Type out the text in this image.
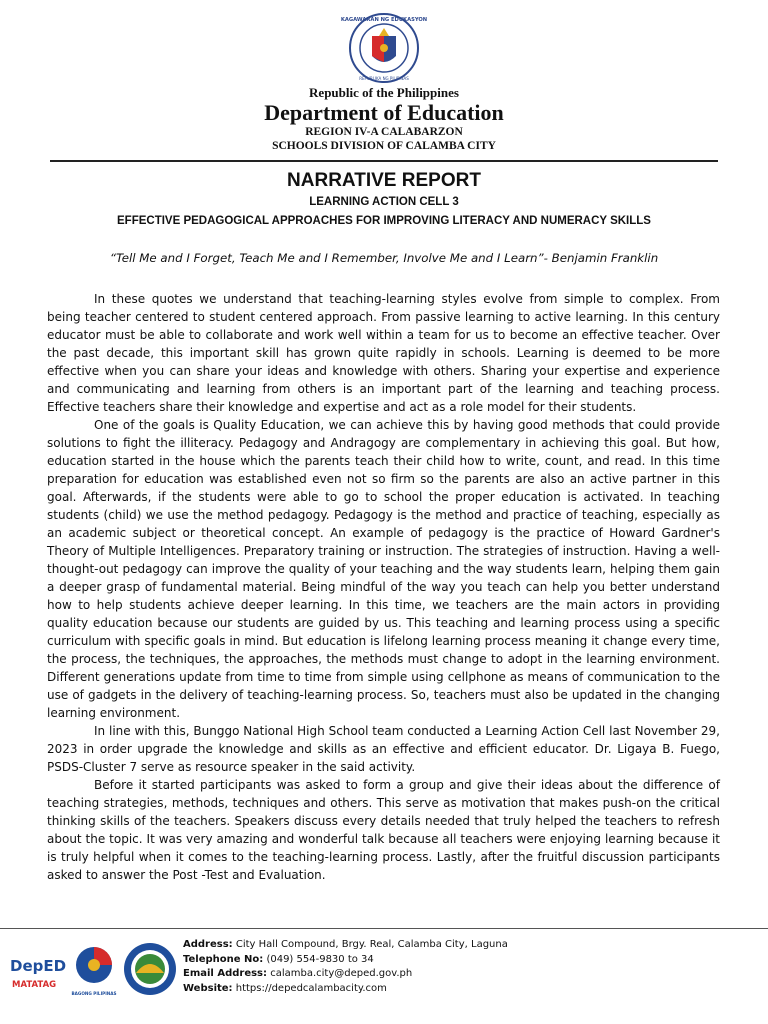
KAGAWARAN NG EDUKASYON
REPUBLIKA NG PILIPINAS
Republic of the Philippines
Department of Education
REGION IV-A CALABARZON
SCHOOLS DIVISION OF CALAMBA CITY
NARRATIVE REPORT
LEARNING ACTION CELL 3
EFFECTIVE PEDAGOGICAL APPROACHES FOR IMPROVING LITERACY AND NUMERACY SKILLS
“Tell Me and I Forget, Teach Me and I Remember, Involve Me and I Learn”- Benjamin Franklin

In these quotes we understand that teaching-learning styles evolve from simple to complex. From being teacher centered to student centered approach. From passive learning to active learning. In this century educator must be able to collaborate and work well within a team for us to become an effective teacher. Over the past decade, this important skill has grown quite rapidly in schools. Learning is deemed to be more effective when you can share your ideas and knowledge with others. Sharing your expertise and experience and communicating and learning from others is an important part of the learning and teaching process. Effective teachers share their knowledge and expertise and act as a role model for their students.

One of the goals is Quality Education, we can achieve this by having good methods that could provide solutions to fight the illiteracy. Pedagogy and Andragogy are complementary in achieving this goal. But how, education started in the house which the parents teach their child how to write, count, and read. In this time preparation for education was established even not so firm so the parents are also an active partner in this goal. Afterwards, if the students were able to go to school the proper education is activated. In teaching students (child) we use the method pedagogy. Pedagogy is the method and practice of teaching, especially as an academic subject or theoretical concept. An example of pedagogy is the practice of Howard Gardner's Theory of Multiple Intelligences. Preparatory training or instruction. The strategies of instruction. Having a well-thought-out pedagogy can improve the quality of your teaching and the way students learn, helping them gain a deeper grasp of fundamental material. Being mindful of the way you teach can help you better understand how to help students achieve deeper learning. In this time, we teachers are the main actors in providing quality education because our students are guided by us. This teaching and learning process using a specific curriculum with specific goals in mind. But education is lifelong learning process meaning it change every time, the process, the techniques, the approaches, the methods must change to adopt in the learning environment. Different generations update from time to time from simple using cellphone as means of communication to the use of gadgets in the delivery of teaching-learning process. So, teachers must also be updated in the changing learning environment.

In line with this, Bunggo National High School team conducted a Learning Action Cell last November 29, 2023 in order upgrade the knowledge and skills as an effective and efficient educator. Dr. Ligaya B. Fuego, PSDS-Cluster 7 serve as resource speaker in the said activity.

Before it started participants was asked to form a group and give their ideas about the difference of teaching strategies, methods, techniques and others. This serve as motivation that makes push-on the critical thinking skills of the teachers. Speakers discuss every details needed that truly helped the teachers to refresh about the topic. It was very amazing and wonderful talk because all teachers were enjoying learning because it is truly helpful when it comes to the teaching-learning process. Lastly, after the fruitful discussion participants asked to answer the Post -Test and Evaluation.

DepED
MATATAG
BAGONG PILIPINAS
Address: City Hall Compound, Brgy. Real, Calamba City, Laguna
Telephone No: (049) 554-9830 to 34
Email Address: calamba.city@deped.gov.ph
Website: https://depedcalambacity.com
